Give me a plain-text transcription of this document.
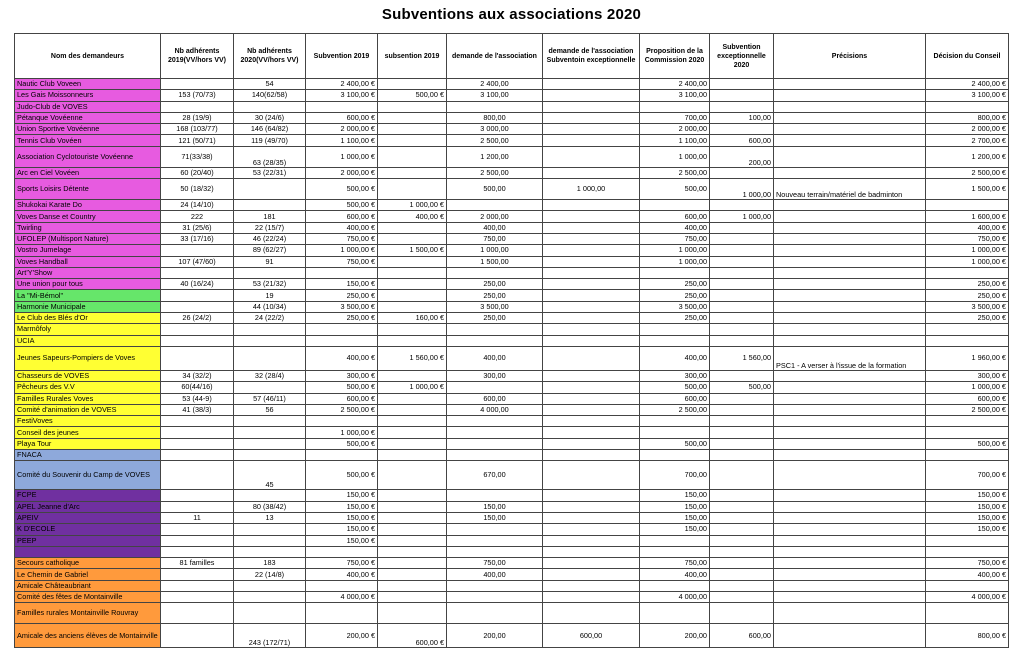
Subventions aux associations 2020
Nom des demandeurs	Nb adhérents 2019(VV/hors VV)	Nb adhérents 2020(VV/hors VV)	Subvention 2019	subsention 2019	demande de l'association	demande de l'association Subventoin exceptionnelle	Proposition de la Commission 2020	Subvention exceptionnelle 2020	Précisions	Décision du Conseil
Nautic Club Voveen		54	2 400,00 €		2 400,00		2 400,00			2 400,00 €
Les Gais Moissonneurs	153 (70/73)	140(62/58)	3 100,00 €	500,00 €	3 100,00		3 100,00			3 100,00 €
Judo-Club de VOVES										
Pétanque Vovéenne	28 (19/9)	30 (24/6)	600,00 €		800,00		700,00	100,00		800,00 €
Union Sportive Vovéenne	168 (103/77)	146 (64/82)	2 000,00 €		3 000,00		2 000,00			2 000,00 €
Tennis Club Vovéen	121 (50/71)	119 (49/70)	1 100,00 €		2 500,00		1 100,00	600,00		2 700,00 €
Association Cyclotouriste Vovéenne	71(33/38)	63 (28/35)	1 000,00 €		1 200,00		1 000,00	200,00		1 200,00 €
Arc en Ciel Vovéen	60 (20/40)	53 (22/31)	2 000,00 €		2 500,00		2 500,00			2 500,00 €
Sports Loisirs Détente	50 (18/32)		500,00 €		500,00	1 000,00	500,00	1 000,00	Nouveau terrain/matériel de badminton	1 500,00 €
Shukokai Karate Do	24 (14/10)		500,00 €	1 000,00 €						
Voves Danse et Country	222	181	600,00 €	400,00 €	2 000,00		600,00	1 000,00		1 600,00 €
Twirling	31 (25/6)	22 (15/7)	400,00 €		400,00		400,00			400,00 €
UFOLEP (Multisport Nature)	33 (17/16)	46 (22/24)	750,00 €		750,00		750,00			750,00 €
Vostro Jumelage		89 (62/27)	1 000,00 €	1 500,00 €	1 000,00		1 000,00			1 000,00 €
Voves Handball	107 (47/60)	91	750,00 €		1 500,00		1 000,00			1 000,00 €
Art'Y'Show										
Une union pour tous	40 (16/24)	53 (21/32)	150,00 €		250,00		250,00			250,00 €
La "Mi-Bémol"		19	250,00 €		250,00		250,00			250,00 €
Harmonie Municipale		44 (10/34)	3 500,00 €		3 500,00		3 500,00			3 500,00 €
Le Club des Blés d'Or	26 (24/2)	24 (22/2)	250,00 €	160,00 €	250,00		250,00			250,00 €
Marmôfoly										
UCIA										
Jeunes Sapeurs-Pompiers de Voves			400,00 €	1 560,00 €	400,00		400,00	1 560,00	PSC1 - A verser à l'issue de la formation	1 960,00 €
Chasseurs de VOVES	34 (32/2)	32 (28/4)	300,00 €		300,00		300,00			300,00 €
Pêcheurs des V.V	60(44/16)		500,00 €	1 000,00 €			500,00	500,00		1 000,00 €
Familles Rurales Voves	53 (44-9)	57 (46/11)	600,00 €		600,00		600,00			600,00 €
Comité d'animation de VOVES	41 (38/3)	56	2 500,00 €		4 000,00		2 500,00			2 500,00 €
FestiVoves										
Conseil des jeunes			1 000,00 €							
Playa Tour			500,00 €				500,00			500,00 €
FNACA										
Comité du Souvenir du Camp de VOVES		45	500,00 €		670,00		700,00			700,00 €
FCPE			150,00 €				150,00			150,00 €
APEL Jeanne d'Arc		80 (38/42)	150,00 €		150,00		150,00			150,00 €
APEIV	11	13	150,00 €		150,00		150,00			150,00 €
K D'ECOLE			150,00 €				150,00			150,00 €
PEEP			150,00 €							

Secours catholique	81 familles	183	750,00 €		750,00		750,00			750,00 €
Le Chemin de Gabriel		22 (14/8)	400,00 €		400,00		400,00			400,00 €
Amicale Châteaubriant										
Comité des fêtes de Montainville			4 000,00 €				4 000,00			4 000,00 €
Familles rurales Montainville Rouvray										
Amicale des anciens élèves de Montainville		243 (172/71)	200,00 €	600,00 €	200,00	600,00	200,00	600,00		800,00 €
